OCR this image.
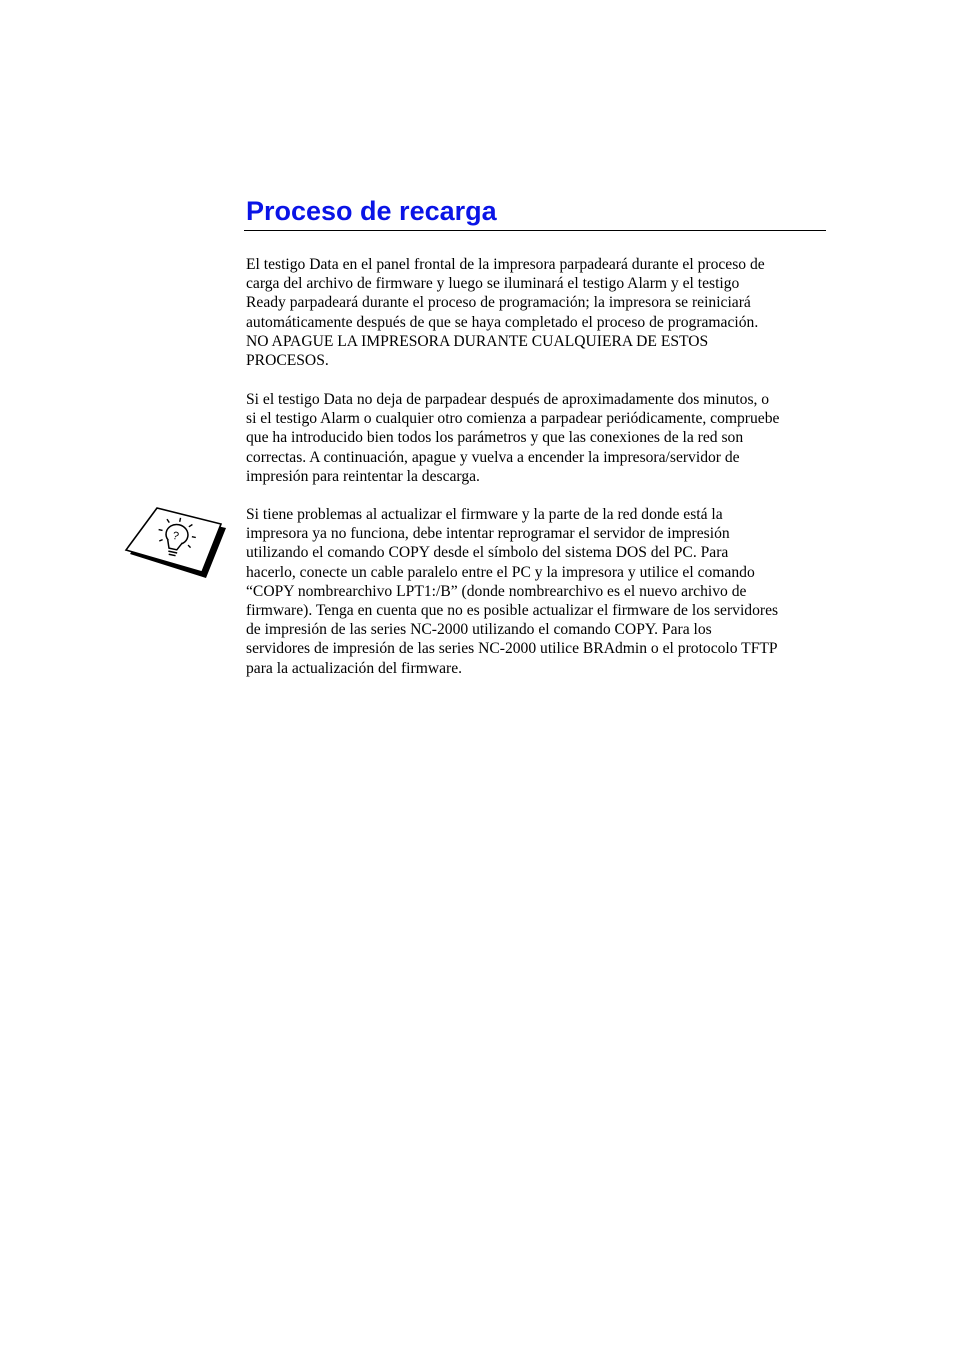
Proceso de recarga

El testigo Data en el panel frontal de la impresora parpadeará durante el proceso de
carga del archivo de firmware y luego se iluminará el testigo Alarm y el testigo
Ready parpadeará durante el proceso de programación; la impresora se reiniciará
automáticamente después de que se haya completado el proceso de programación.
NO APAGUE LA IMPRESORA DURANTE CUALQUIERA DE ESTOS
PROCESOS.

Si el testigo Data no deja de parpadear después de aproximadamente dos minutos, o
si el testigo Alarm o cualquier otro comienza a parpadear periódicamente, compruebe
que ha introducido bien todos los parámetros y que las conexiones de la red son
correctas. A continuación, apague y vuelva a encender la impresora/servidor de
impresión para reintentar la descarga.

?

Si tiene problemas al actualizar el firmware y la parte de la red donde está la
impresora ya no funciona, debe intentar reprogramar el servidor de impresión
utilizando el comando COPY desde el símbolo del sistema DOS del PC. Para
hacerlo, conecte un cable paralelo entre el PC y la impresora y utilice el comando
“COPY nombrearchivo LPT1:/B” (donde nombrearchivo es el nuevo archivo de
firmware). Tenga en cuenta que no es posible actualizar el firmware de los servidores
de impresión de las series NC-2000 utilizando el comando COPY. Para los
servidores de impresión de las series NC-2000 utilice BRAdmin o el protocolo TFTP
para la actualización del firmware.
